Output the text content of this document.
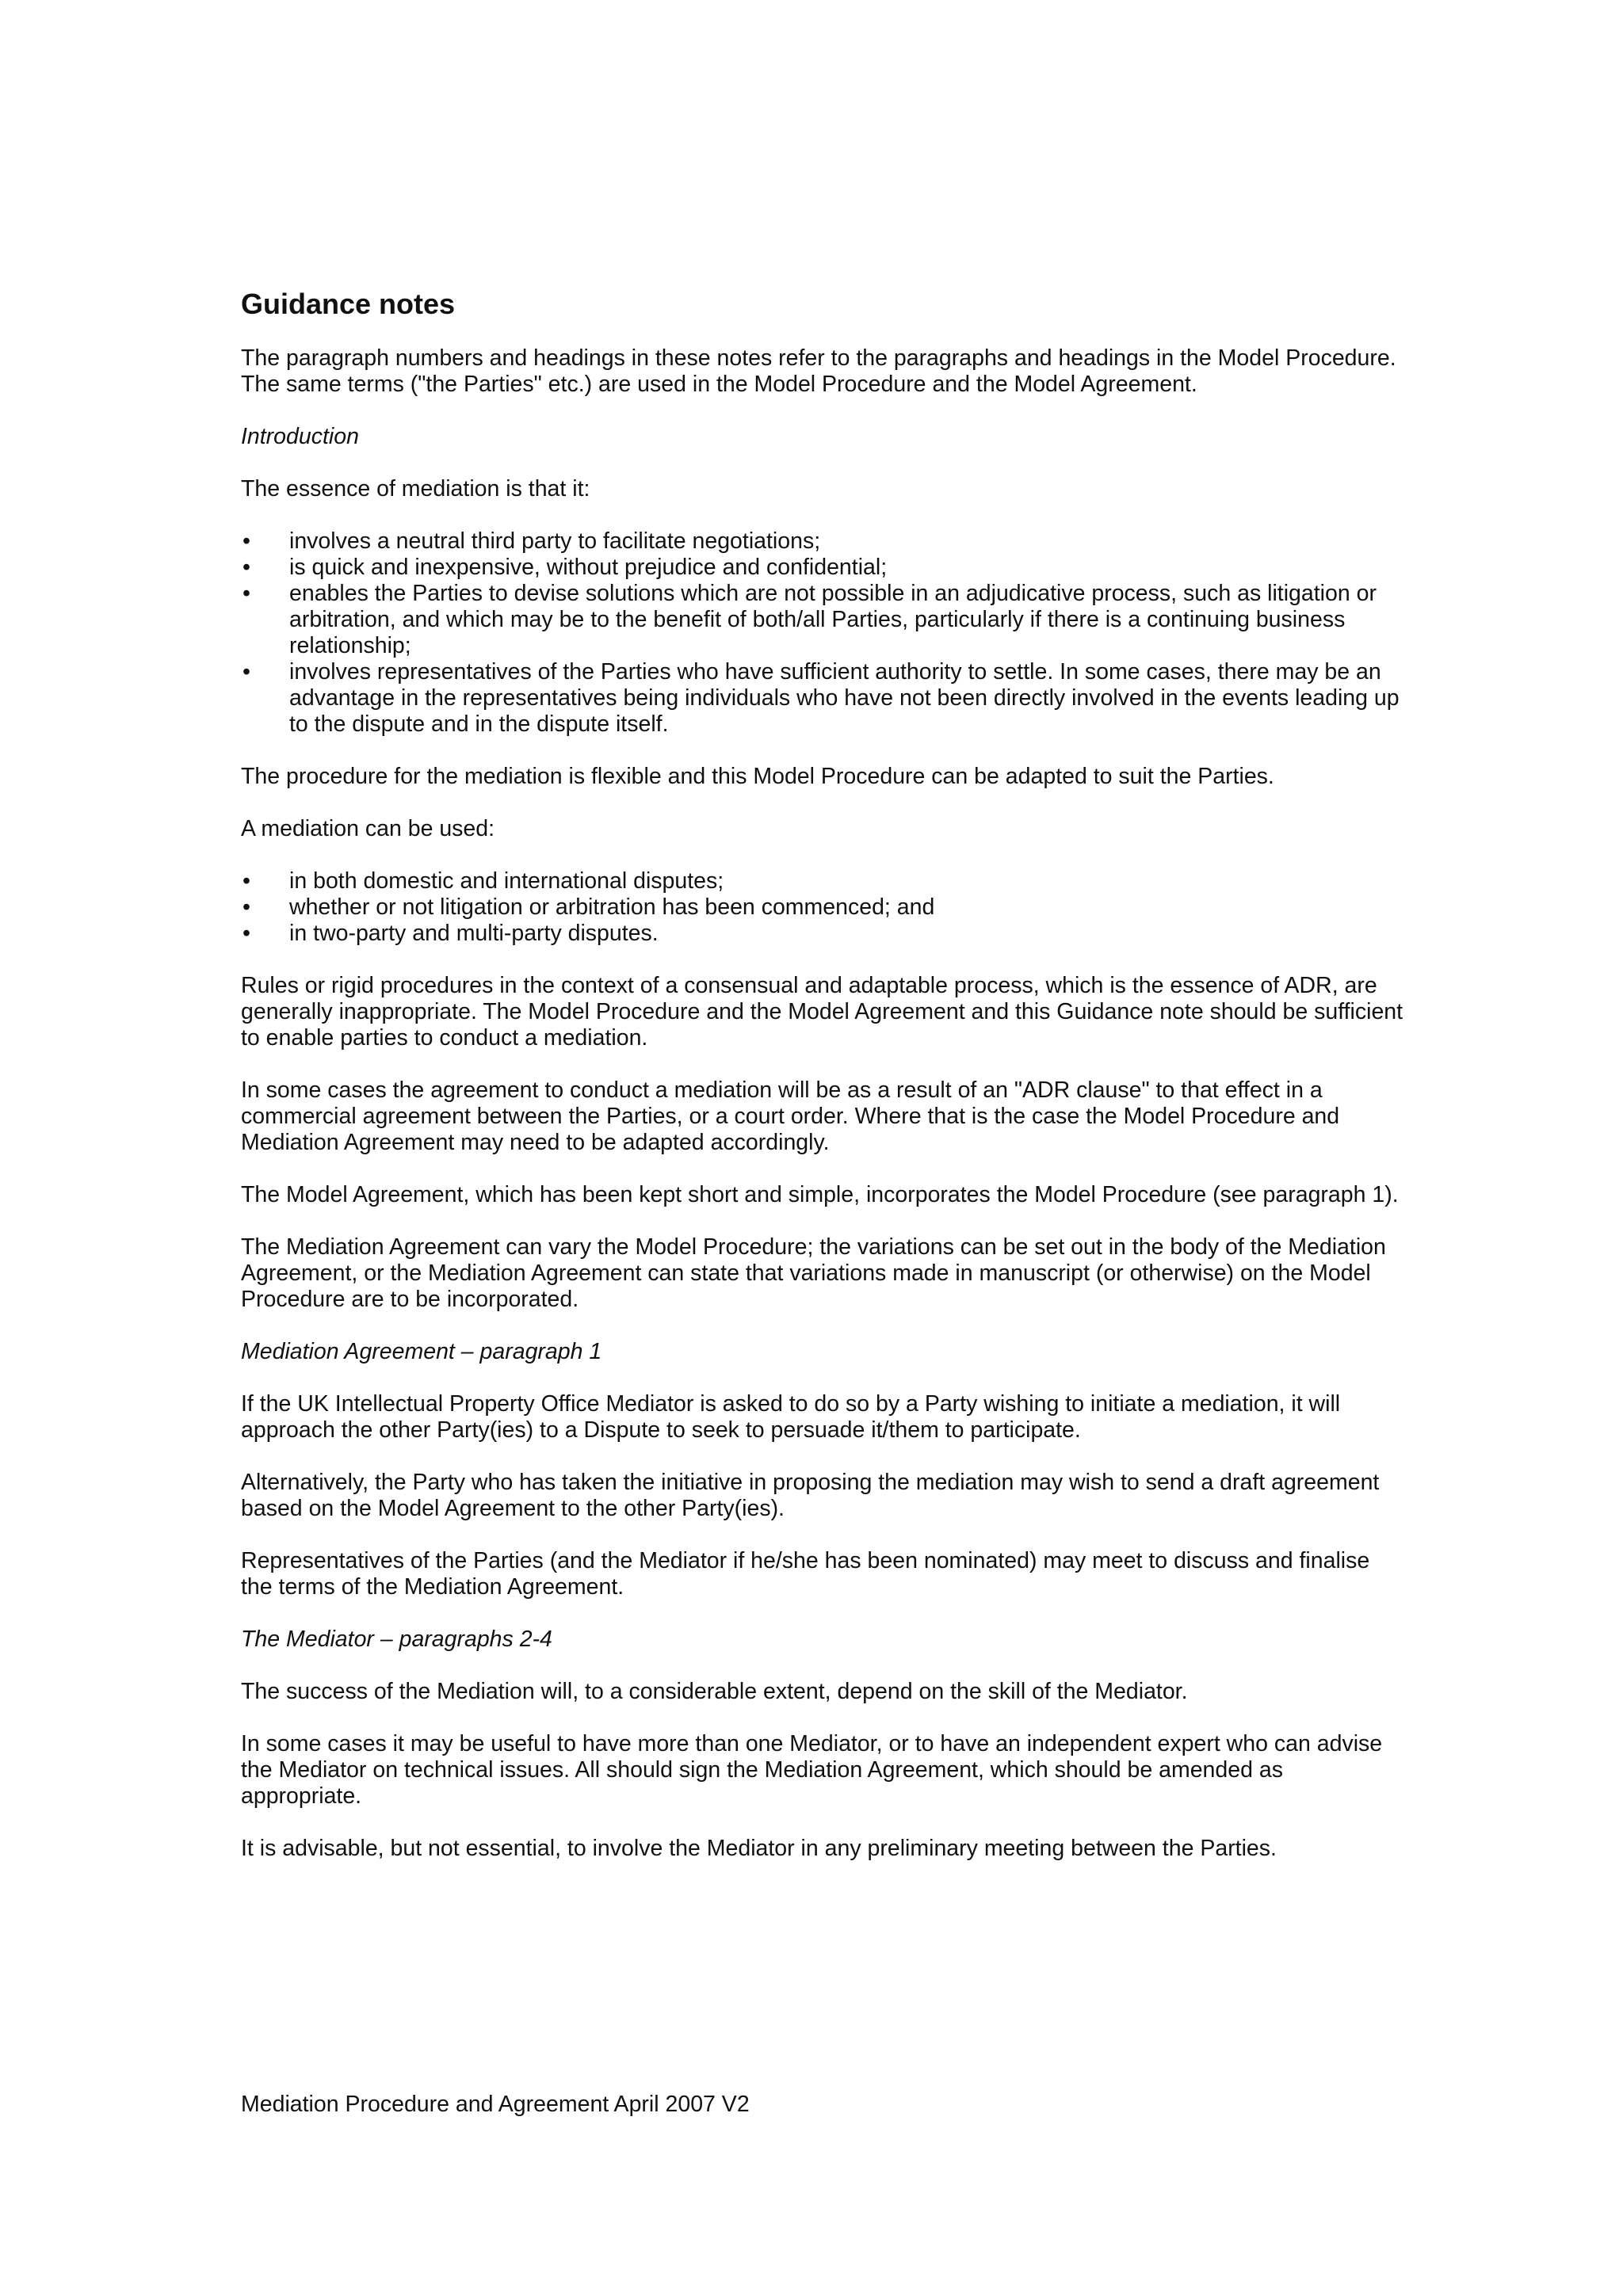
Guidance notes

The paragraph numbers and headings in these notes refer to the paragraphs and headings in the Model Procedure. The same terms ("the Parties" etc.) are used in the Model Procedure and the Model Agreement.

Introduction

The essence of mediation is that it:

• involves a neutral third party to facilitate negotiations;
• is quick and inexpensive, without prejudice and confidential;
• enables the Parties to devise solutions which are not possible in an adjudicative process, such as litigation or arbitration, and which may be to the benefit of both/all Parties, particularly if there is a continuing business relationship;
• involves representatives of the Parties who have sufficient authority to settle. In some cases, there may be an advantage in the representatives being individuals who have not been directly involved in the events leading up to the dispute and in the dispute itself.

The procedure for the mediation is flexible and this Model Procedure can be adapted to suit the Parties.

A mediation can be used:

• in both domestic and international disputes;
• whether or not litigation or arbitration has been commenced; and
• in two-party and multi-party disputes.

Rules or rigid procedures in the context of a consensual and adaptable process, which is the essence of ADR, are generally inappropriate. The Model Procedure and the Model Agreement and this Guidance note should be sufficient to enable parties to conduct a mediation.

In some cases the agreement to conduct a mediation will be as a result of an "ADR clause" to that effect in a commercial agreement between the Parties, or a court order. Where that is the case the Model Procedure and Mediation Agreement may need to be adapted accordingly.

The Model Agreement, which has been kept short and simple, incorporates the Model Procedure (see paragraph 1).

The Mediation Agreement can vary the Model Procedure; the variations can be set out in the body of the Mediation Agreement, or the Mediation Agreement can state that variations made in manuscript (or otherwise) on the Model Procedure are to be incorporated.

Mediation Agreement – paragraph 1

If the UK Intellectual Property Office Mediator is asked to do so by a Party wishing to initiate a mediation, it will approach the other Party(ies) to a Dispute to seek to persuade it/them to participate.

Alternatively, the Party who has taken the initiative in proposing the mediation may wish to send a draft agreement based on the Model Agreement to the other Party(ies).

Representatives of the Parties (and the Mediator if he/she has been nominated) may meet to discuss and finalise the terms of the Mediation Agreement.

The Mediator – paragraphs 2-4

The success of the Mediation will, to a considerable extent, depend on the skill of the Mediator.

In some cases it may be useful to have more than one Mediator, or to have an independent expert who can advise the Mediator on technical issues. All should sign the Mediation Agreement, which should be amended as appropriate.

It is advisable, but not essential, to involve the Mediator in any preliminary meeting between the Parties.

Mediation Procedure and Agreement April 2007 V2
